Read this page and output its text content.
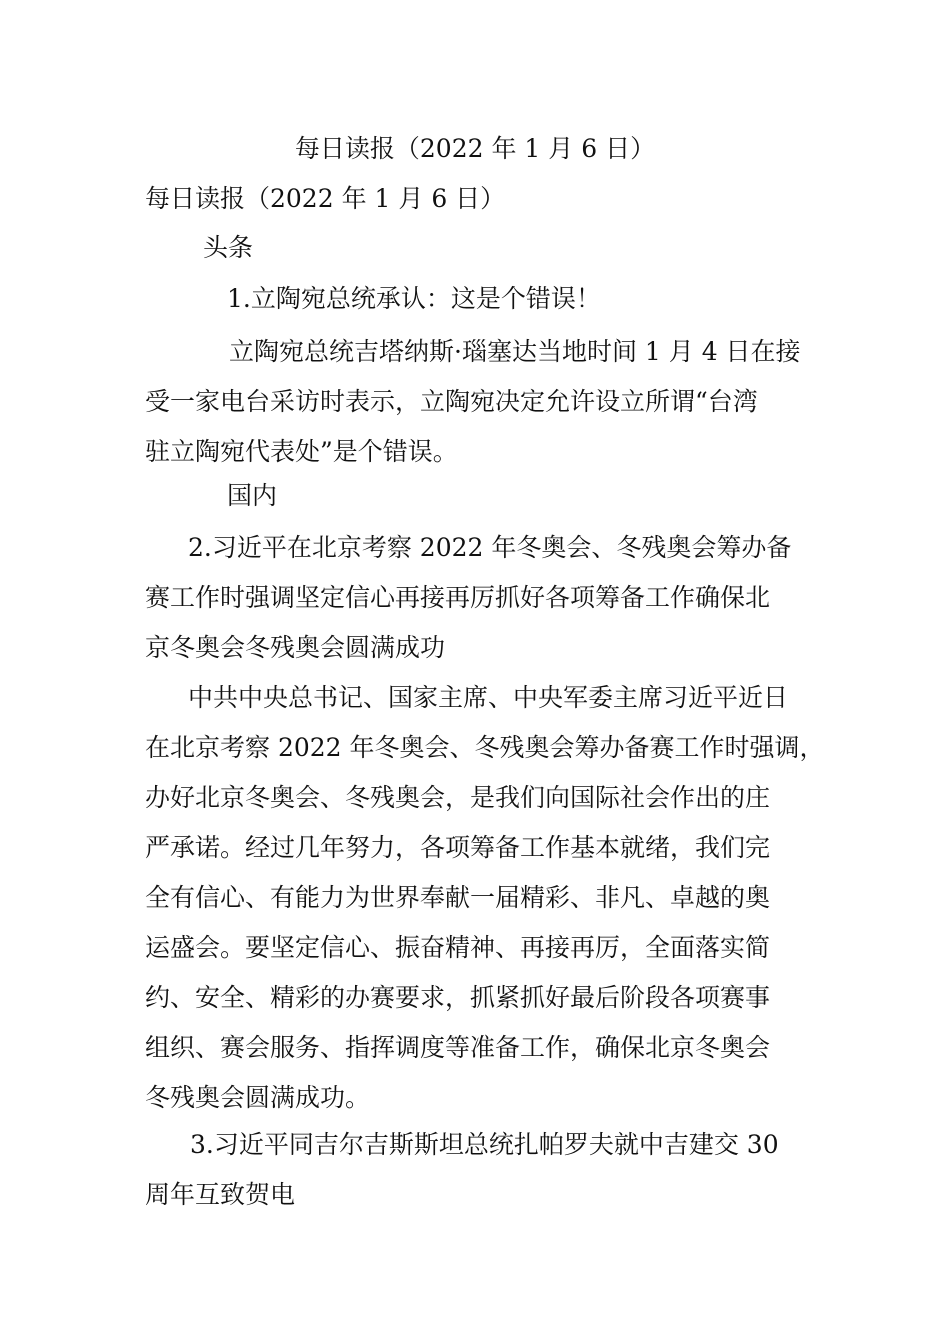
每日读报（2022 年 1 月 6 日）
每日读报（2022 年 1 月 6 日）
头条
1.立陶宛总统承认：这是个错误！
立陶宛总统吉塔纳斯·瑙塞达当地时间 1 月 4 日在接
受一家电台采访时表示，立陶宛决定允许设立所谓“台湾
驻立陶宛代表处”是个错误。
国内
2.习近平在北京考察 2022 年冬奥会、冬残奥会筹办备
赛工作时强调坚定信心再接再厉抓好各项筹备工作确保北
京冬奥会冬残奥会圆满成功
中共中央总书记、国家主席、中央军委主席习近平近日
在北京考察 2022 年冬奥会、冬残奥会筹办备赛工作时强调，
办好北京冬奥会、冬残奥会，是我们向国际社会作出的庄
严承诺。经过几年努力，各项筹备工作基本就绪，我们完
全有信心、有能力为世界奉献一届精彩、非凡、卓越的奥
运盛会。要坚定信心、振奋精神、再接再厉，全面落实简
约、安全、精彩的办赛要求，抓紧抓好最后阶段各项赛事
组织、赛会服务、指挥调度等准备工作，确保北京冬奥会
冬残奥会圆满成功。
3.习近平同吉尔吉斯斯坦总统扎帕罗夫就中吉建交 30
周年互致贺电
